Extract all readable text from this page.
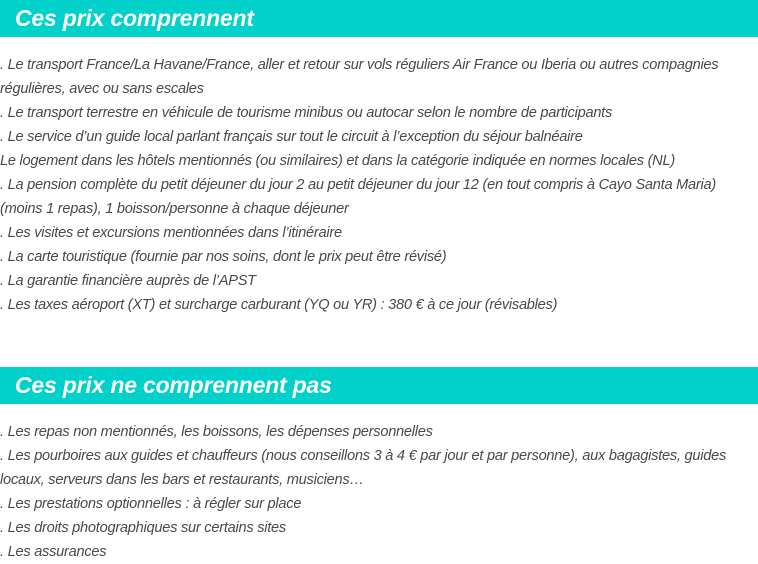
Ces prix comprennent
. Le transport France/La Havane/France, aller et retour sur vols réguliers Air France ou Iberia ou autres compagnies régulières, avec ou sans escales
. Le transport terrestre en véhicule de tourisme minibus ou autocar selon le nombre de participants
. Le service d’un guide local parlant français sur tout le circuit à l’exception du séjour balnéaire
Le logement dans les hôtels mentionnés (ou similaires) et dans la catégorie indiquée en normes locales (NL)
. La pension complète du petit déjeuner du jour 2 au petit déjeuner du jour 12 (en tout compris à Cayo Santa Maria) (moins 1 repas), 1 boisson/personne à chaque déjeuner
. Les visites et excursions mentionnées dans l’itinéraire
. La carte touristique (fournie par nos soins, dont le prix peut être révisé)
. La garantie financière auprès de l’APST
. Les taxes aéroport (XT) et surcharge carburant (YQ ou YR) : 380 € à ce jour (révisables)
Ces prix ne comprennent pas
. Les repas non mentionnés, les boissons, les dépenses personnelles
. Les pourboires aux guides et chauffeurs (nous conseillons 3 à 4 € par jour et par personne), aux bagagistes, guides locaux, serveurs dans les bars et restaurants, musiciens…
. Les prestations optionnelles : à régler sur place
. Les droits photographiques sur certains sites
. Les assurances
